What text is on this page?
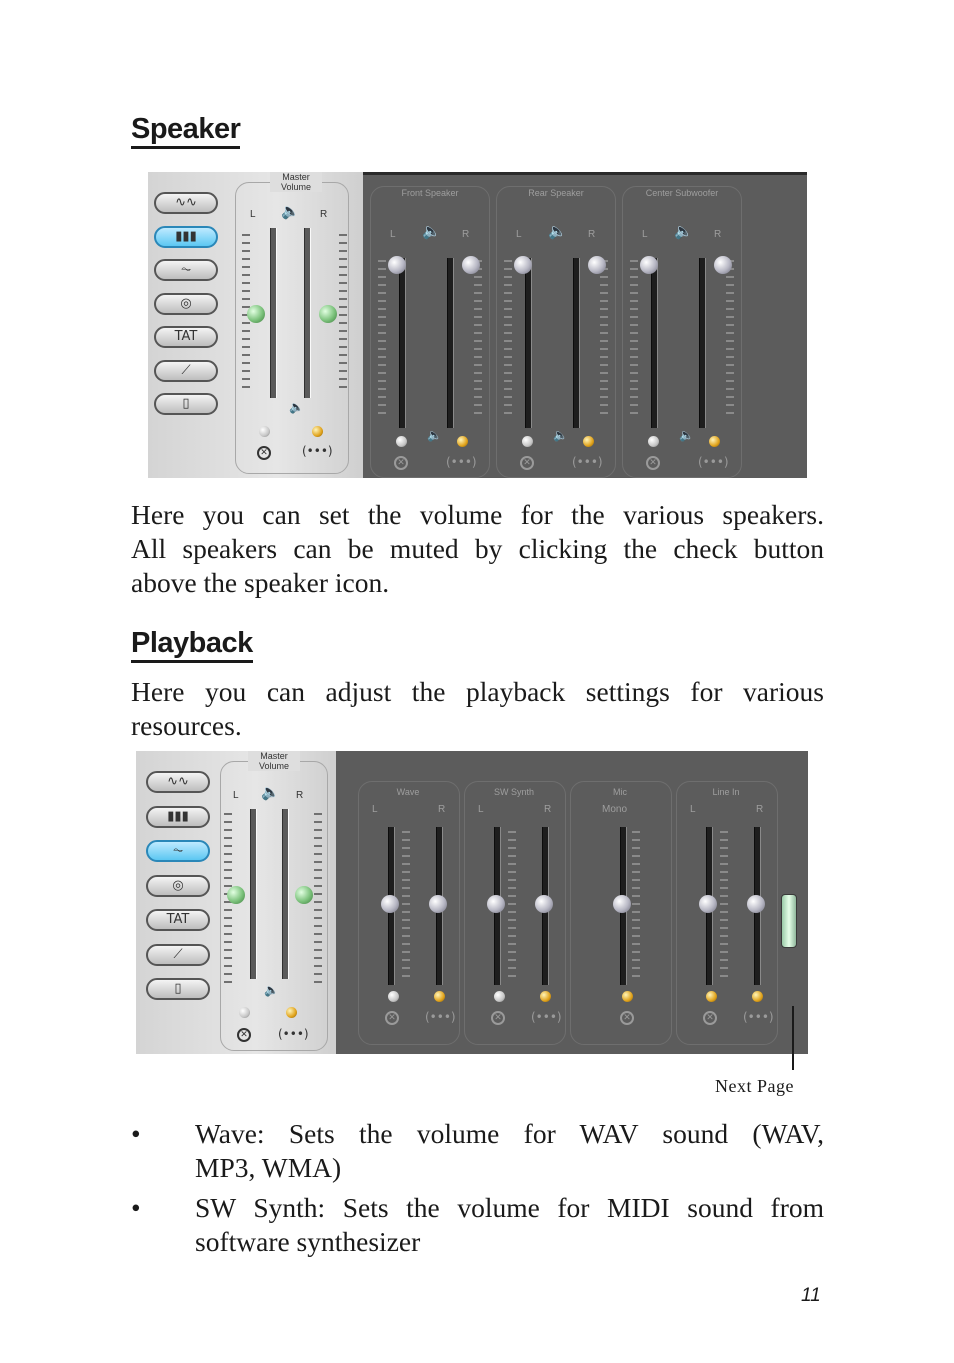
Speaker
∿∿
▮▮▮
⏦
◎
TAT
⟋
▯
Master Volume
L 🔈 R
🔈
✕	(•••)
Front Speaker
L 🔈 R
🔈
✕	(•••)
Rear Speaker
L 🔈 R
🔈
✕	(•••)
Center Subwoofer
L 🔈 R
🔈
✕	(•••)
Here you can set the volume for the various speakers.
All speakers can be muted by clicking the check button
above the speaker icon.
Playback
Here you can adjust the playback settings for various
resources.
∿∿
▮▮▮
⏦
◎
TAT
⟋
▯
Master Volume
L 🔈 R
🔈
✕	(•••)
Wave
L	R
✕ (•••)
SW Synth
L	R
✕ (•••)
Mic
Mono
✕
Line In
L	R
✕ (•••)
Next Page
• Wave: Sets the volume for WAV sound (WAV,
MP3, WMA)
• SW Synth: Sets the volume for MIDI sound from
software synthesizer
11
